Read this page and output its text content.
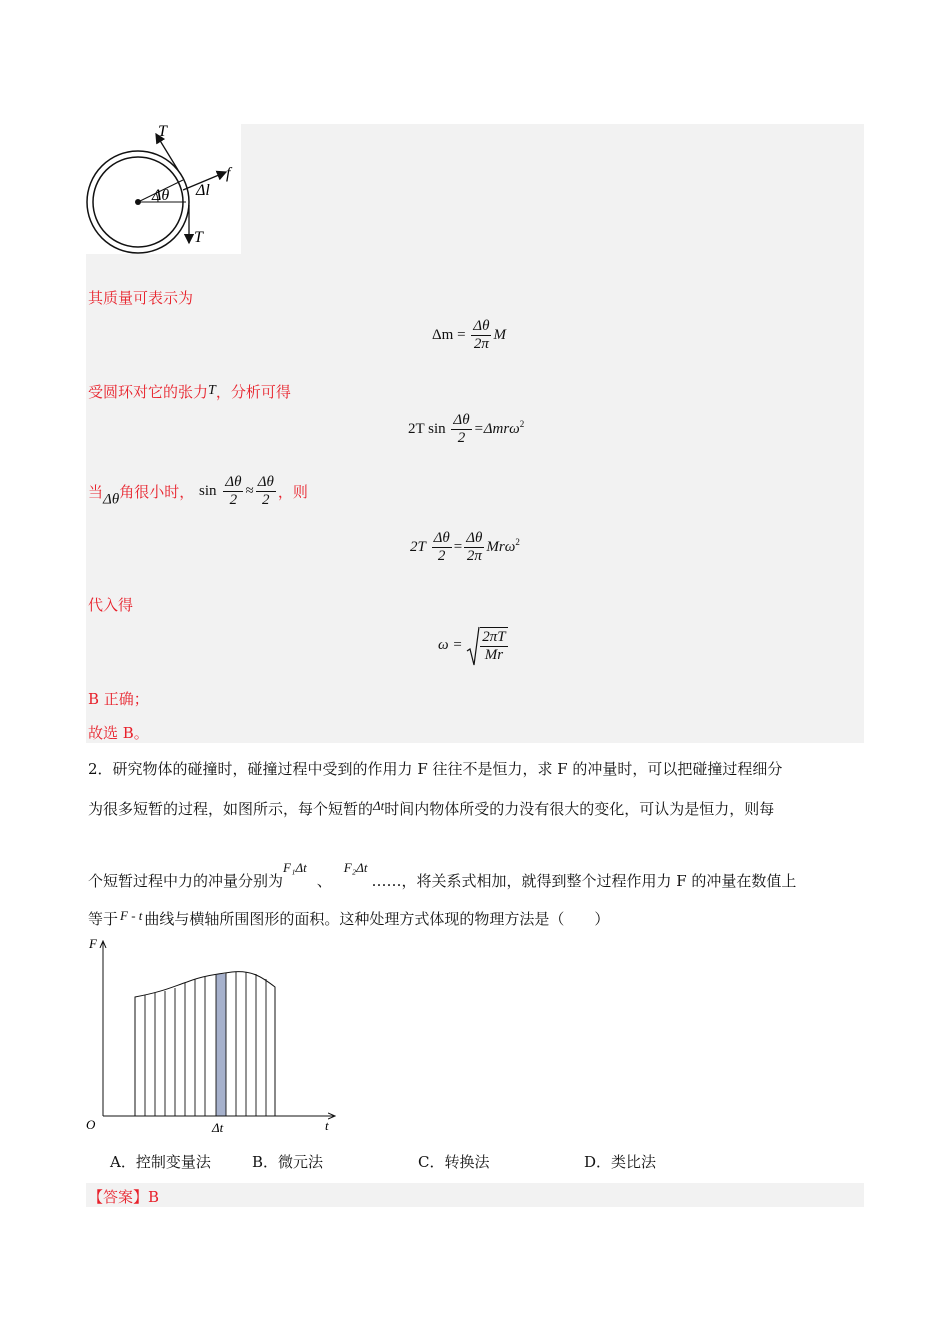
T
f
Δl
Δθ
T
其质量可表示为
$\Delta m = \frac{\Delta\theta}{2\pi}$ M
受圆环对它的张力T，分析可得
2T $\sin \frac{\Delta\theta}{2} =\Delta mr\omega^2$
当Δθ角很小时， $\sin \frac{\Delta\theta}{2} \approx \frac{\Delta\theta}{2}$ ，则
$2T \frac{\Delta\theta}{2} = \frac{\Delta\theta}{2\pi} Mr\omega^2$
代入得
$\omega = \frac{2\pi T}{Mr}$
B 正确；
故选 B。
2．研究物体的碰撞时，碰撞过程中受到的作用力 F 往往不是恒力，求 F 的冲量时，可以把碰撞过程细分
为很多短暂的过程，如图所示，每个短暂的Δt时间内物体所受的力没有很大的变化，可认为是恒力，则每
个短暂过程中力的冲量分别为F₁Δt、F₂Δt……，将关系式相加，就得到整个过程作用力 F 的冲量在数值上
等于 F - t 曲线与横轴所围图形的面积。这种处理方式体现的物理方法是（　　）
F
t
O	Δt
A．控制变量法	B．微元法	C．转换法	D．类比法
【答案】B
